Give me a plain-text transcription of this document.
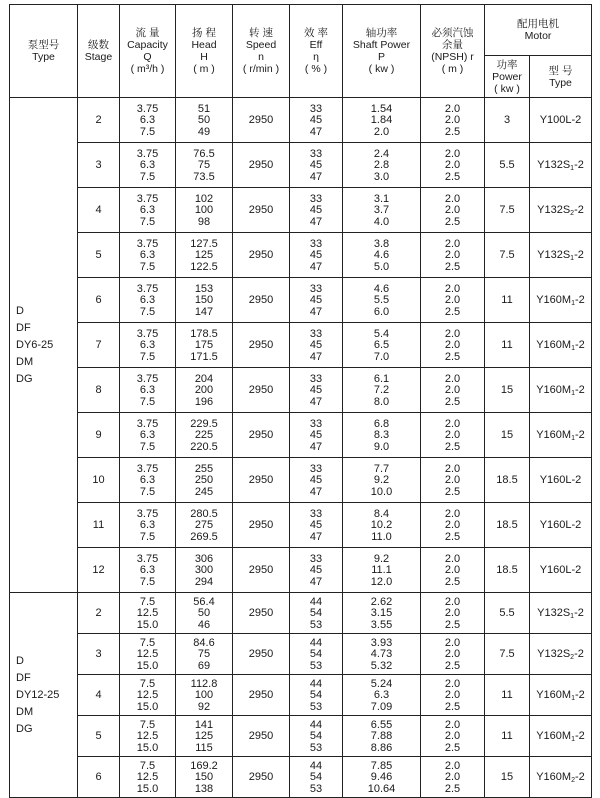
泵型号
Type	级数
Stage	流 量
Capacity
Q
( m³/h )	扬 程
Head
H
( m )	转 速
Speed
n
( r/min )	效 率
Eff
η
( % )	轴功率
Shaft Power
P
( kw )	必须汽蚀
余量
(NPSH) r
( m )	配用电机
Motor	

								功率
Power
( kw )	型 号
Type

D
DF
DY6-25
DM
DG	2	3.75
6.3
7.5	51
50
49	2950	33
45
47	1.54
1.84
2.0	2.0
2.0
2.5	3	Y100L-2
	3	3.75
6.3
7.5	76.5
75
73.5	2950	33
45
47	2.4
2.8
3.0	2.0
2.0
2.5	5.5	$Y132S_1-2$
	4	3.75
6.3
7.5	102
100
98	2950	33
45
47	3.1
3.7
4.0	2.0
2.0
2.5	7.5	$Y132S_2-2$
	5	3.75
6.3
7.5	127.5
125
122.5	2950	33
45
47	3.8
4.6
5.0	2.0
2.0
2.5	7.5	$Y132S_1-2$
	6	3.75
6.3
7.5	153
150
147	2950	33
45
47	4.6
5.5
6.0	2.0
2.0
2.5	11	$Y160M_1-2$
	7	3.75
6.3
7.5	178.5
175
171.5	2950	33
45
47	5.4
6.5
7.0	2.0
2.0
2.5	11	$Y160M_1-2$
	8	3.75
6.3
7.5	204
200
196	2950	33
45
47	6.1
7.2
8.0	2.0
2.0
2.5	15	$Y160M_1-2$
	9	3.75
6.3
7.5	229.5
225
220.5	2950	33
45
47	6.8
8.3
9.0	2.0
2.0
2.5	15	$Y160M_1-2$
	10	3.75
6.3
7.5	255
250
245	2950	33
45
47	7.7
9.2
10.0	2.0
2.0
2.5	18.5	Y160L-2
	11	3.75
6.3
7.5	280.5
275
269.5	2950	33
45
47	8.4
10.2
11.0	2.0
2.0
2.5	18.5	Y160L-2
	12	3.75
6.3
7.5	306
300
294	2950	33
45
47	9.2
11.1
12.0	2.0
2.0
2.5	18.5	Y160L-2

D
DF
DY12-25
DM
DG	2	7.5
12.5
15.0	56.4
50
46	2950	44
54
53	2.62
3.15
3.55	2.0
2.0
2.5	5.5	$Y132S_1-2$
	3	7.5
12.5
15.0	84.6
75
69	2950	44
54
53	3.93
4.73
5.32	2.0
2.0
2.5	7.5	$Y132S_2-2$
	4	7.5
12.5
15.0	112.8
100
92	2950	44
54
53	5.24
6.3
7.09	2.0
2.0
2.5	11	$Y160M_1-2$
	5	7.5
12.5
15.0	141
125
115	2950	44
54
53	6.55
7.88
8.86	2.0
2.0
2.5	11	$Y160M_1-2$
	6	7.5
12.5
15.0	169.2
150
138	2950	44
54
53	7.85
9.46
10.64	2.0
2.0
2.5	15	$Y160M_2-2$
